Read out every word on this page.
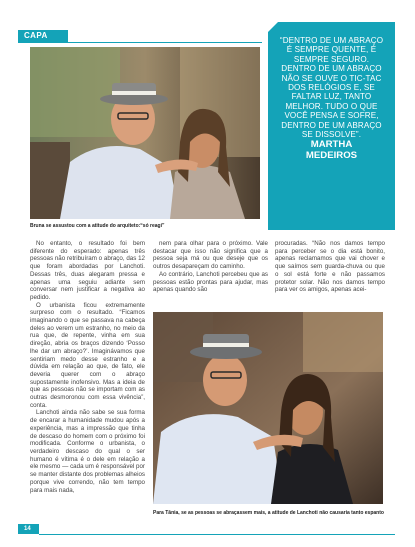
CAPA
Bruna se assustou com a atitude do arquiteto:“só reagi”
“DENTRO DE UM ABRAÇO É SEMPRE QUENTE, É SEMPRE SEGURO. DENTRO DE UM ABRAÇO NÃO SE OUVE O TIC-TAC DOS RELÓGIOS E, SE FALTAR LUZ, TANTO MELHOR. TUDO O QUE VOCÊ PENSA E SOFRE, DENTRO DE UM ABRAÇO SE DISSOLVE”.
MARTHA
MEDEIROS

No entanto, o resultado foi bem diferente do esperado: apenas três pessoas não retribuíram o abraço, das 12 que foram abordadas por Lanchoti. Dessas três, duas alegaram pressa e apenas uma seguiu adiante sem conversar nem justificar a negativa ao pedido.

O urbanista ficou extremamente surpreso com o resultado. “Ficamos imaginando o que se passava na cabeça deles ao verem um estranho, no meio da rua que, de repente, vinha em sua direção, abria os braços dizendo ‘Posso lhe dar um abraço?’. Imaginávamos que sentiriam medo desse estranho e a dúvida em relação ao que, de fato, ele deveria querer com o abraço supostamente inofensivo. Mas a ideia de que as pessoas não se importam com as outras desmoronou com essa vivência”, conta.

Lanchoti ainda não sabe se sua forma de encarar a humanidade mudou após a experiência, mas a impressão que tinha de descaso do homem com o próximo foi modificada. Conforme o urbanista, o verdadeiro descaso do qual o ser humano é vítima é o dele em relação a ele mesmo — cada um é responsável por se manter distante dos problemas alheios porque vive correndo, não tem tempo para mais nada,

nem para olhar para o próximo. Vale destacar que isso não significa que a pessoa seja má ou que deseje que os outros desapareçam do caminho.

Ao contrário, Lanchoti percebeu que as pessoas estão prontas para ajudar, mas apenas quando são

procuradas. “Não nos damos tempo para perceber se o dia está bonito, apenas reclamamos que vai chover e que saímos sem guarda-chuva ou que o sol está forte e não passamos protetor solar. Não nos damos tempo para ver os amigos, apenas acei-

Para Tânia, se as pessoas se abraçassem mais, a atitude de Lanchoti não causaria tanto espanto
14
